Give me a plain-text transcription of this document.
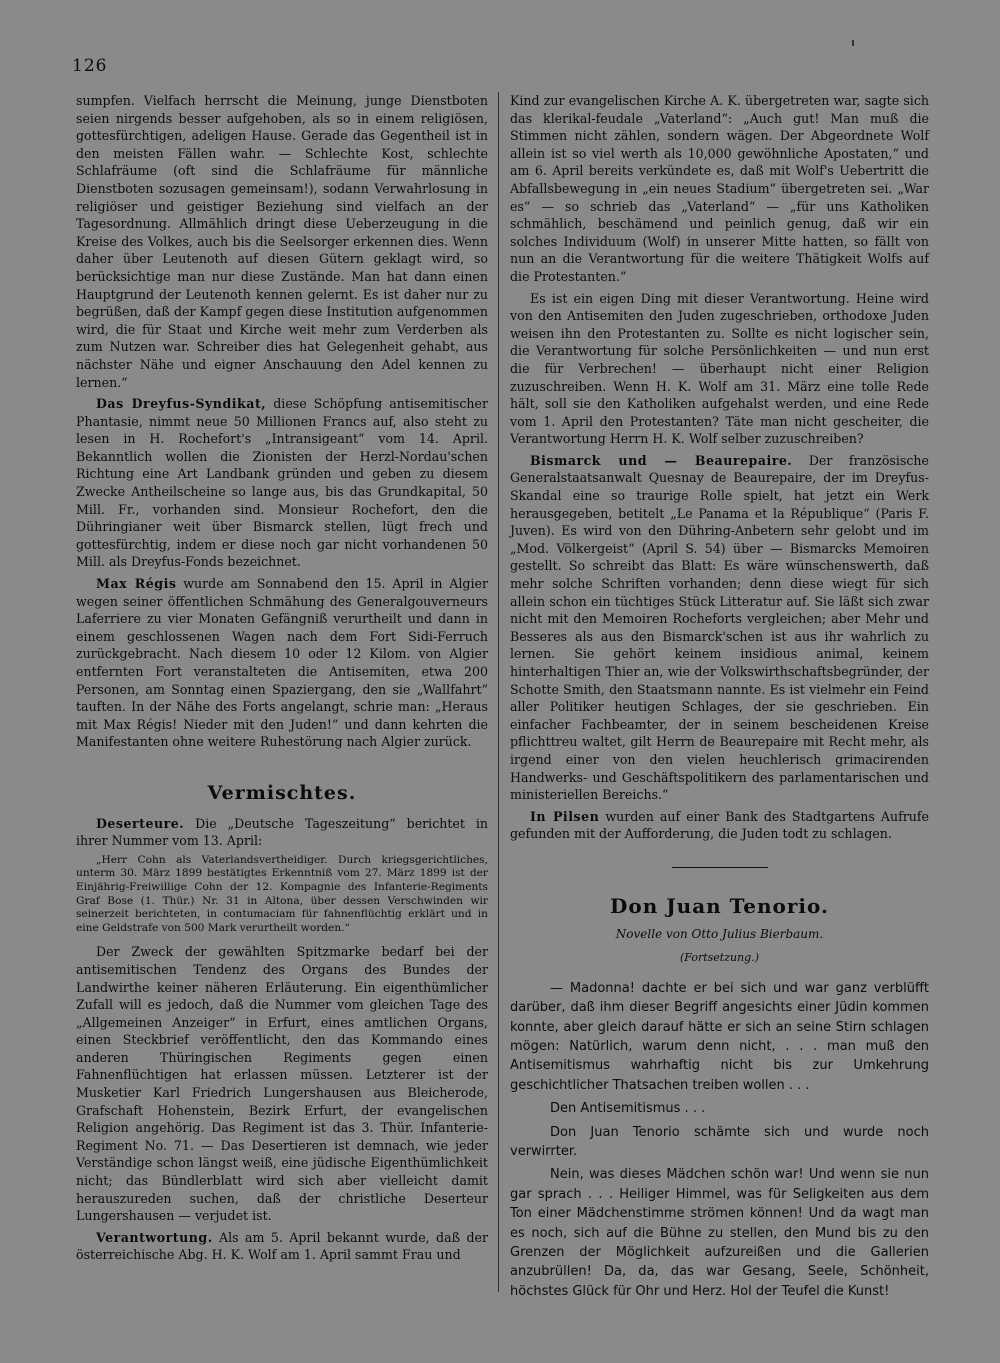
126

sumpfen. Vielfach herrscht die Meinung, junge Dienstboten seien nirgends besser aufgehoben, als so in einem religiösen, gottesfürchtigen, adeligen Hause. Gerade das Gegentheil ist in den meisten Fällen wahr. — Schlechte Kost, schlechte Schlafräume (oft sind die Schlafräume für männliche Dienstboten sozusagen gemeinsam!), sodann Verwahrlosung in religiöser und geistiger Beziehung sind vielfach an der Tagesordnung. Allmählich dringt diese Ueberzeugung in die Kreise des Volkes, auch bis die Seelsorger erkennen dies. Wenn daher über Leutenoth auf diesen Gütern geklagt wird, so berücksichtige man nur diese Zustände. Man hat dann einen Hauptgrund der Leutenoth kennen gelernt. Es ist daher nur zu begrüßen, daß der Kampf gegen diese Institution aufgenommen wird, die für Staat und Kirche weit mehr zum Verderben als zum Nutzen war. Schreiber dies hat Gelegenheit gehabt, aus nächster Nähe und eigner Anschauung den Adel kennen zu lernen.“

Das Dreyfus-Syndikat, diese Schöpfung antisemitischer Phantasie, nimmt neue 50 Millionen Francs auf, also steht zu lesen in H. Rochefort's „Intransigeant“ vom 14. April. Bekanntlich wollen die Zionisten der Herzl-Nordau'schen Richtung eine Art Landbank gründen und geben zu diesem Zwecke Antheilscheine so lange aus, bis das Grundkapital, 50 Mill. Fr., vorhanden sind. Monsieur Rochefort, den die Dühringianer weit über Bismarck stellen, lügt frech und gottesfürchtig, indem er diese noch gar nicht vorhandenen 50 Mill. als Dreyfus-Fonds bezeichnet.

Max Régis wurde am Sonnabend den 15. April in Algier wegen seiner öffentlichen Schmähung des Generalgouverneurs Laferriere zu vier Monaten Gefängniß verurtheilt und dann in einem geschlossenen Wagen nach dem Fort Sidi-Ferruch zurückgebracht. Nach diesem 10 oder 12 Kilom. von Algier entfernten Fort veranstalteten die Antisemiten, etwa 200 Personen, am Sonntag einen Spaziergang, den sie „Wallfahrt“ tauften. In der Nähe des Forts angelangt, schrie man: „Heraus mit Max Régis! Nieder mit den Juden!“ und dann kehrten die Manifestanten ohne weitere Ruhestörung nach Algier zurück.

Vermischtes.

Deserteure. Die „Deutsche Tageszeitung“ berichtet in ihrer Nummer vom 13. April:

„Herr Cohn als Vaterlandsvertheidiger. Durch kriegsgerichtliches, unterm 30. März 1899 bestätigtes Erkenntniß vom 27. März 1899 ist der Einjährig-Freiwillige Cohn der 12. Kompagnie des Infanterie-Regiments Graf Bose (1. Thür.) Nr. 31 in Altona, über dessen Verschwinden wir seinerzeit berichteten, in contumaciam für fahnenflüchtig erklärt und in eine Geldstrafe von 500 Mark verurtheilt worden.“

Der Zweck der gewählten Spitzmarke bedarf bei der antisemitischen Tendenz des Organs des Bundes der Landwirthe keiner näheren Erläuterung. Ein eigenthümlicher Zufall will es jedoch, daß die Nummer vom gleichen Tage des „Allgemeinen Anzeiger“ in Erfurt, eines amtlichen Organs, einen Steckbrief veröffentlicht, den das Kommando eines anderen Thüringischen Regiments gegen einen Fahnenflüchtigen hat erlassen müssen. Letzterer ist der Musketier Karl Friedrich Lungershausen aus Bleicherode, Grafschaft Hohenstein, Bezirk Erfurt, der evangelischen Religion angehörig. Das Regiment ist das 3. Thür. Infanterie-Regiment No. 71. — Das Desertieren ist demnach, wie jeder Verständige schon längst weiß, eine jüdische Eigenthümlichkeit nicht; das Bündlerblatt wird sich aber vielleicht damit herauszureden suchen, daß der christliche Deserteur Lungershausen — verjudet ist.

Verantwortung. Als am 5. April bekannt wurde, daß der österreichische Abg. H. K. Wolf am 1. April sammt Frau und

Kind zur evangelischen Kirche A. K. übergetreten war, sagte sich das klerikal-feudale „Vaterland“: „Auch gut! Man muß die Stimmen nicht zählen, sondern wägen. Der Abgeordnete Wolf allein ist so viel werth als 10,000 gewöhnliche Apostaten,“ und am 6. April bereits verkündete es, daß mit Wolf's Uebertritt die Abfallsbewegung in „ein neues Stadium“ übergetreten sei. „War es“ — so schrieb das „Vaterland“ — „für uns Katholiken schmählich, beschämend und peinlich genug, daß wir ein solches Individuum (Wolf) in unserer Mitte hatten, so fällt von nun an die Verantwortung für die weitere Thätigkeit Wolfs auf die Protestanten.“

Es ist ein eigen Ding mit dieser Verantwortung. Heine wird von den Antisemiten den Juden zugeschrieben, orthodoxe Juden weisen ihn den Protestanten zu. Sollte es nicht logischer sein, die Verantwortung für solche Persönlichkeiten — und nun erst die für Verbrechen! — überhaupt nicht einer Religion zuzuschreiben. Wenn H. K. Wolf am 31. März eine tolle Rede hält, soll sie den Katholiken aufgehalst werden, und eine Rede vom 1. April den Protestanten? Täte man nicht gescheiter, die Verantwortung Herrn H. K. Wolf selber zuzuschreiben?

Bismarck und — Beaurepaire. Der französische Generalstaatsanwalt Quesnay de Beaurepaire, der im Dreyfus-Skandal eine so traurige Rolle spielt, hat jetzt ein Werk herausgegeben, betitelt „Le Panama et la République“ (Paris F. Juven). Es wird von den Dühring-Anbetern sehr gelobt und im „Mod. Völkergeist“ (April S. 54) über — Bismarcks Memoiren gestellt. So schreibt das Blatt: Es wäre wünschenswerth, daß mehr solche Schriften vorhanden; denn diese wiegt für sich allein schon ein tüchtiges Stück Litteratur auf. Sie läßt sich zwar nicht mit den Memoiren Rocheforts vergleichen; aber Mehr und Besseres als aus den Bismarck'schen ist aus ihr wahrlich zu lernen. Sie gehört keinem insidious animal, keinem hinterhaltigen Thier an, wie der Volkswirthschaftsbegründer, der Schotte Smith, den Staatsmann nannte. Es ist vielmehr ein Feind aller Politiker heutigen Schlages, der sie geschrieben. Ein einfacher Fachbeamter, der in seinem bescheidenen Kreise pflichttreu waltet, gilt Herrn de Beaurepaire mit Recht mehr, als irgend einer von den vielen heuchlerisch grimacirenden Handwerks- und Geschäftspolitikern des parlamentarischen und ministeriellen Bereichs.“

In Pilsen wurden auf einer Bank des Stadtgartens Aufrufe gefunden mit der Aufforderung, die Juden todt zu schlagen.

Don Juan Tenorio.
Novelle von Otto Julius Bierbaum.
(Fortsetzung.)

— Madonna! dachte er bei sich und war ganz verblüfft darüber, daß ihm dieser Begriff angesichts einer Jüdin kommen konnte, aber gleich darauf hätte er sich an seine Stirn schlagen mögen: Natürlich, warum denn nicht, . . . man muß den Antisemitismus wahrhaftig nicht bis zur Umkehrung geschichtlicher Thatsachen treiben wollen . . .

Den Antisemitismus . . .

Don Juan Tenorio schämte sich und wurde noch verwirrter.

Nein, was dieses Mädchen schön war! Und wenn sie nun gar sprach . . . Heiliger Himmel, was für Seligkeiten aus dem Ton einer Mädchenstimme strömen können! Und da wagt man es noch, sich auf die Bühne zu stellen, den Mund bis zu den Grenzen der Möglichkeit aufzureißen und die Gallerien anzubrüllen! Da, da, das war Gesang, Seele, Schönheit, höchstes Glück für Ohr und Herz. Hol der Teufel die Kunst!
